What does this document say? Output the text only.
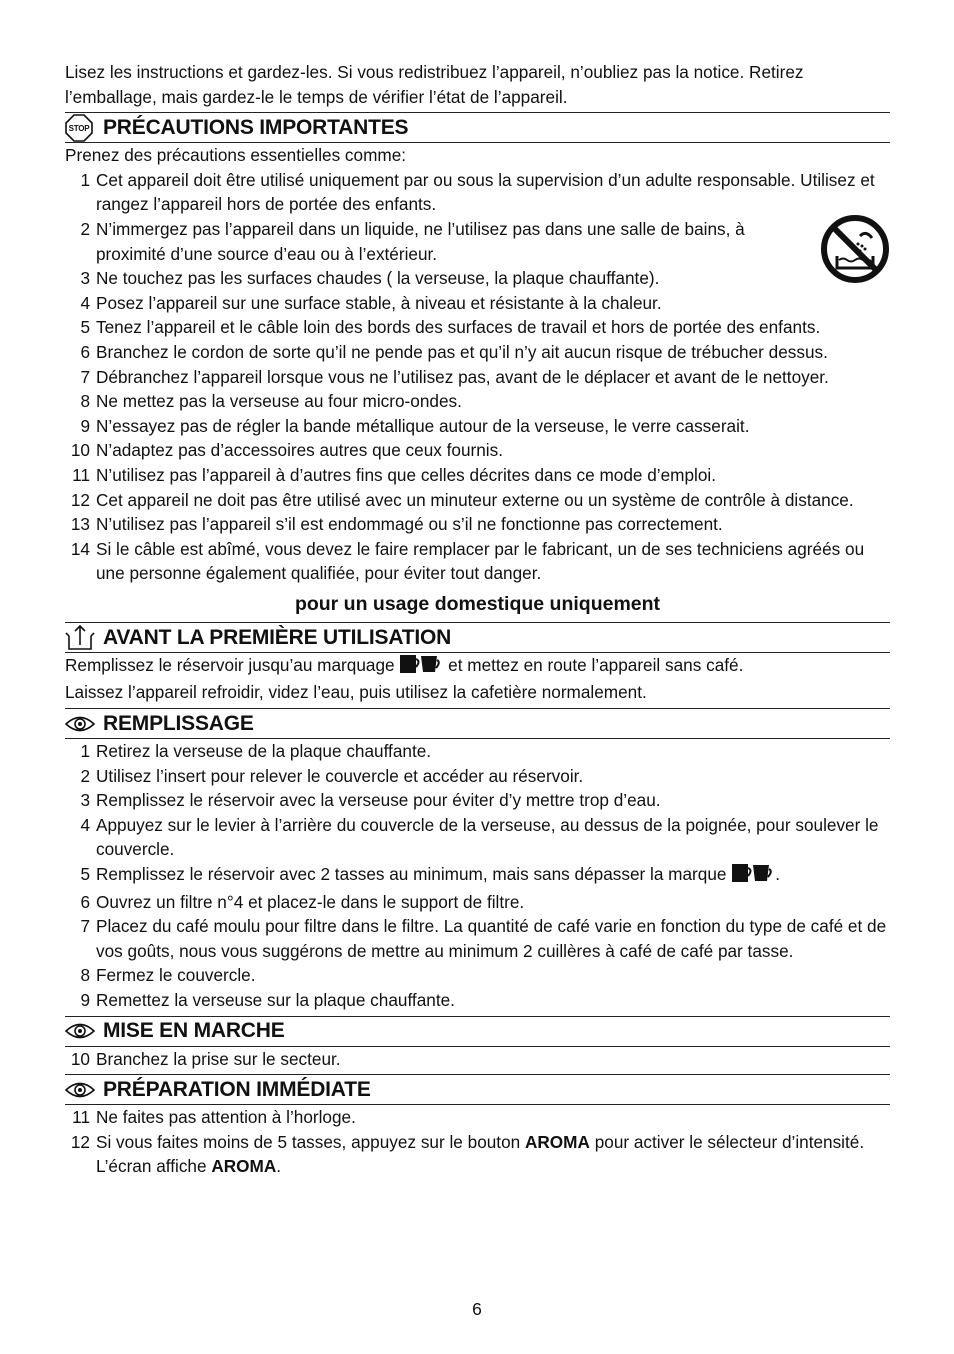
Lisez les instructions et gardez-les. Si vous redistribuez l’appareil, n’oubliez pas la notice. Retirez l’emballage, mais gardez-le le temps de vérifier l’état de l’appareil.

STOP PRÉCAUTIONS IMPORTANTES

Prenez des précautions essentielles comme:

1 Cet appareil doit être utilisé uniquement par ou sous la supervision d’un adulte responsable. Utilisez et rangez l’appareil hors de portée des enfants.
2 N’immergez pas l’appareil dans un liquide, ne l’utilisez pas dans une salle de bains, à proximité d’une source d’eau ou à l’extérieur.
3 Ne touchez pas les surfaces chaudes ( la verseuse, la plaque chauffante).
4 Posez l’appareil sur une surface stable, à niveau et résistante à la chaleur.
5 Tenez l’appareil et le câble loin des bords des surfaces de travail et hors de portée des enfants.
6 Branchez le cordon de sorte qu’il ne pende pas et qu’il n’y ait aucun risque de trébucher dessus.
7 Débranchez l’appareil lorsque vous ne l’utilisez pas, avant de le déplacer et avant de le nettoyer.
8 Ne mettez pas la verseuse au four micro-ondes.
9 N’essayez pas de régler la bande métallique autour de la verseuse, le verre casserait.
10 N’adaptez pas d’accessoires autres que ceux fournis.
11 N’utilisez pas l’appareil à d’autres fins que celles décrites dans ce mode d’emploi.
12 Cet appareil ne doit pas être utilisé avec un minuteur externe ou un système de contrôle à distance.
13 N’utilisez pas l’appareil s’il est endommagé ou s’il ne fonctionne pas correctement.
14 Si le câble est abîmé, vous devez le faire remplacer par le fabricant, un de ses techniciens agréés ou une personne également qualifiée, pour éviter tout danger.

pour un usage domestique uniquement

AVANT LA PREMIÈRE UTILISATION

Remplissez le réservoir jusqu’au marquage	et mettez en route l’appareil sans café.

Laissez l’appareil refroidir, videz l’eau, puis utilisez la cafetière normalement.

REMPLISSAGE
1 Retirez la verseuse de la plaque chauffante.
2 Utilisez l’insert pour relever le couvercle et accéder au réservoir.
3 Remplissez le réservoir avec la verseuse pour éviter d’y mettre trop d’eau.
4 Appuyez sur le levier à l’arrière du couvercle de la verseuse, au dessus de la poignée, pour soulever le couvercle.
5 Remplissez le réservoir avec 2 tasses au minimum, mais sans dépasser la marque	.
6 Ouvrez un filtre n°4 et placez-le dans le support de filtre.
7 Placez du café moulu pour filtre dans le filtre. La quantité de café varie en fonction du type de café et de vos goûts, nous vous suggérons de mettre au minimum 2 cuillères à café de café par tasse.
8 Fermez le couvercle.
9 Remettez la verseuse sur la plaque chauffante.
MISE EN MARCHE
10 Branchez la prise sur le secteur.
PRÉPARATION IMMÉDIATE
11 Ne faites pas attention à l’horloge.
12 Si vous faites moins de 5 tasses, appuyez sur le bouton AROMA pour activer le sélecteur d’intensité. L’écran affiche AROMA.
6
